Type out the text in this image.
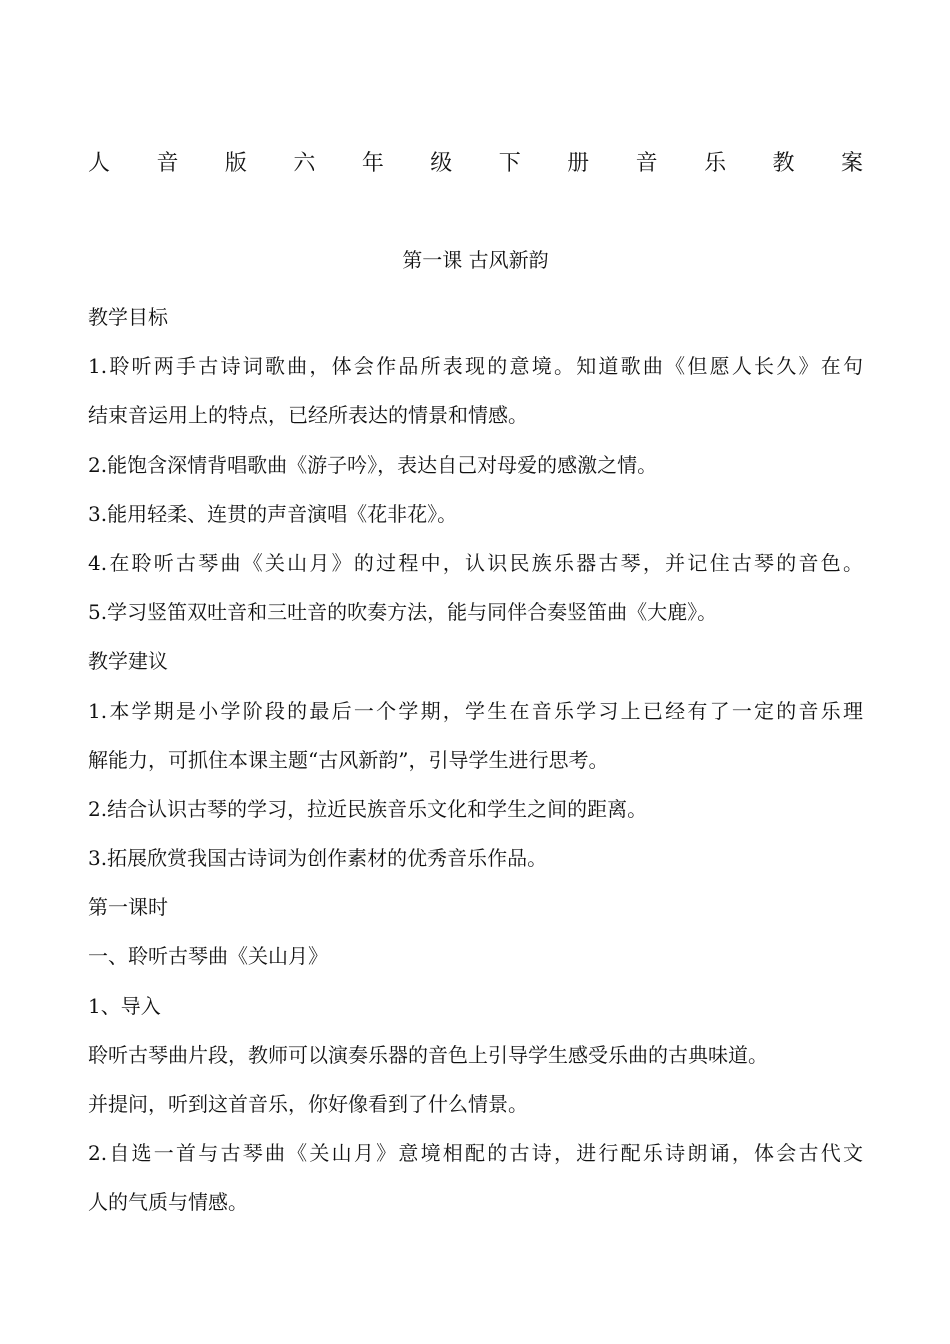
人 音 版 六 年 级 下 册 音 乐 教 案
第一课 古风新韵

教学目标

1.聆听两手古诗词歌曲，体会作品所表现的意境。知道歌曲《但愿人长久》在句

结束音运用上的特点，已经所表达的情景和情感。

2.能饱含深情背唱歌曲《游子吟》，表达自己对母爱的感激之情。

3.能用轻柔、连贯的声音演唱《花非花》。

4.在聆听古琴曲《关山月》的过程中，认识民族乐器古琴，并记住古琴的音色。

5.学习竖笛双吐音和三吐音的吹奏方法，能与同伴合奏竖笛曲《大鹿》。

教学建议

1.本学期是小学阶段的最后一个学期，学生在音乐学习上已经有了一定的音乐理

解能力，可抓住本课主题“古风新韵”，引导学生进行思考。

2.结合认识古琴的学习，拉近民族音乐文化和学生之间的距离。

3.拓展欣赏我国古诗词为创作素材的优秀音乐作品。

第一课时

一、聆听古琴曲《关山月》

1、导入

聆听古琴曲片段，教师可以演奏乐器的音色上引导学生感受乐曲的古典味道。

并提问，听到这首音乐，你好像看到了什么情景。

2.自选一首与古琴曲《关山月》意境相配的古诗，进行配乐诗朗诵，体会古代文

人的气质与情感。
